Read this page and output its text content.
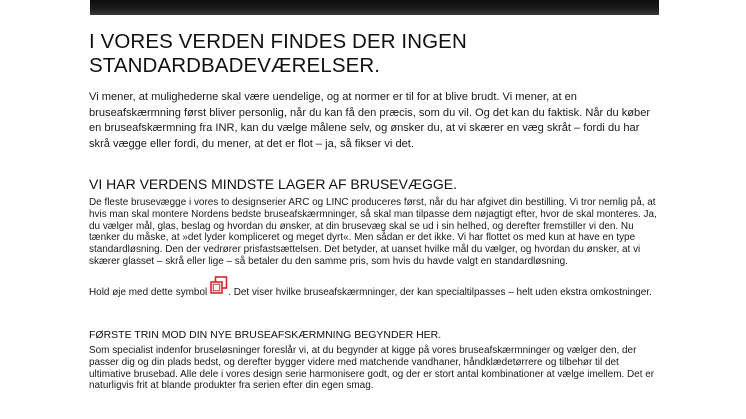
I VORES VERDEN FINDES DER INGEN STANDARDBADEVÆRELSER.

Vi mener, at mulighederne skal være uendelige, og at normer er til for at blive brudt. Vi mener, at en bruseafskærmning først bliver personlig, når du kan få den præcis, som du vil. Og det kan du faktisk. Når du køber en bruseafskærmning fra INR, kan du vælge målene selv, og ønsker du, at vi skærer en væg skråt – fordi du har skrå vægge eller fordi, du mener, at det er flot – ja, så fikser vi det.

VI HAR VERDENS MINDSTE LAGER AF BRUSEVÆGGE.

De fleste brusevægge i vores to designserier ARC og LINC produceres først, når du har afgivet din bestilling. Vi tror nemlig på, at hvis man skal montere Nordens bedste bruseafskærmninger, så skal man tilpasse dem nøjagtigt efter, hvor de skal monteres. Ja, du vælger mål, glas, beslag og hvordan du ønsker, at din brusevæg skal se ud i sin helhed, og derefter fremstiller vi den. Nu tænker du måske, at »det lyder kompliceret og meget dyrt«. Men sådan er det ikke. Vi har flottet os med kun at have en type standardløsning. Den der vedrører prisfastsættelsen. Det betyder, at uanset hvilke mål du vælger, og hvordan du ønsker, at vi skærer glasset – skrå eller lige – så betaler du den samme pris, som hvis du havde valgt en standardløsning.

Hold øje med dette symbol . Det viser hvilke bruseafskærmninger, der kan specialtilpasses – helt uden ekstra omkostninger.

FØRSTE TRIN MOD DIN NYE BRUSEAFSKÆRMNING BEGYNDER HER.

Som specialist indenfor bruseløsninger foreslår vi, at du begynder at kigge på vores bruseafskærmninger og vælger den, der passer dig og din plads bedst, og derefter bygger videre med matchende vandhaner, håndklædetørrere og tilbehør til det ultimative brusebad. Alle dele i vores design serie harmonisere godt, og der er stort antal kombinationer at vælge imellem. Det er naturligvis frit at blande produkter fra serien efter din egen smag.
